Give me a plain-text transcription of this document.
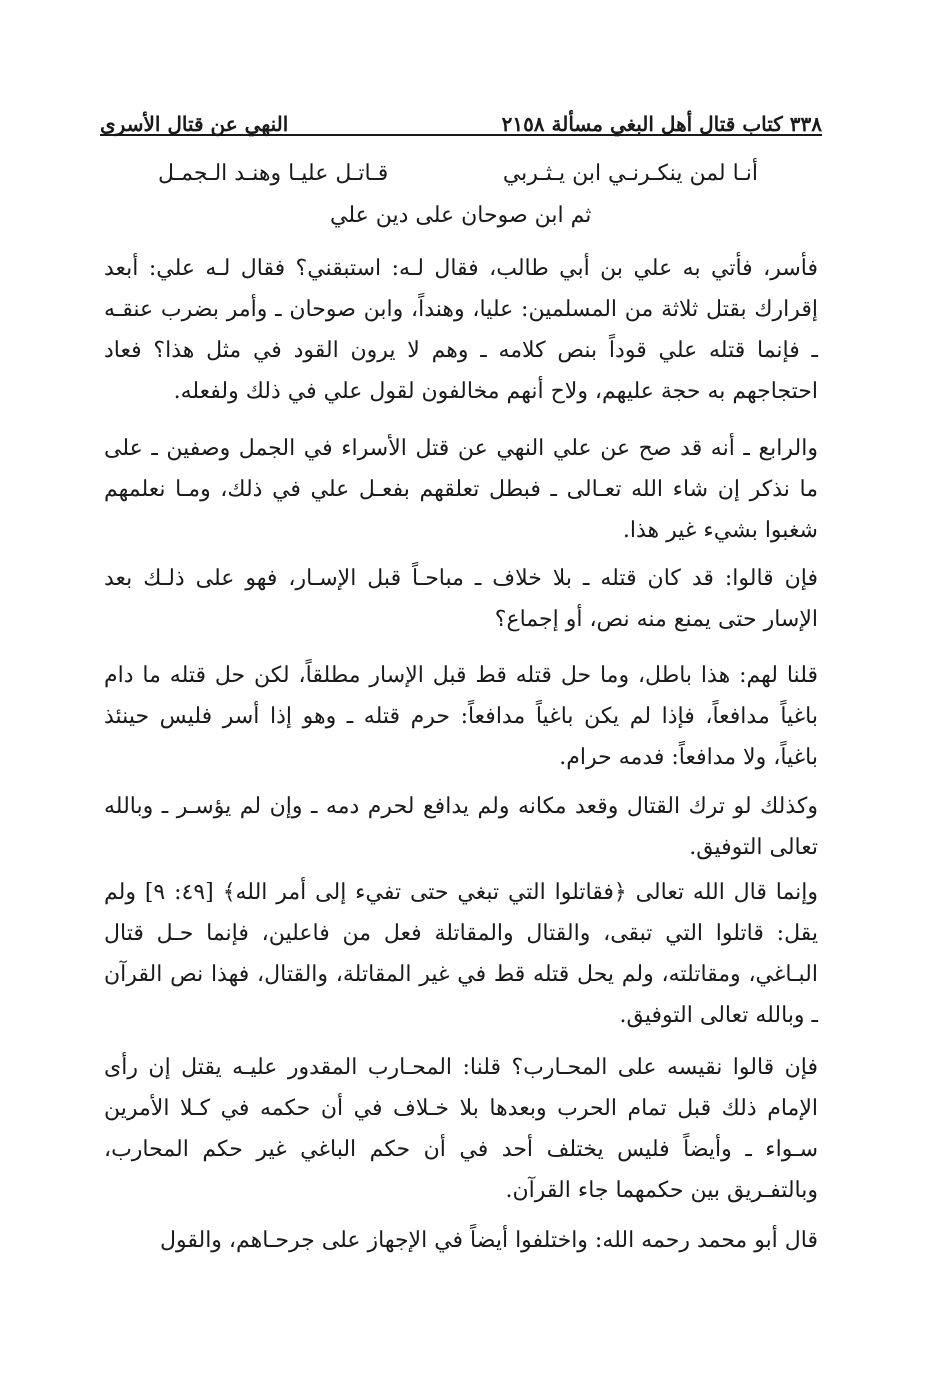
٣٣٨ كتاب قتال أهل البغي مسألة ٢١٥٨
النهي عن قتال الأسرى
أنـا لمن ينكـرنـي ابن يـثـربي
قـاتـل عليـا وهنـد الـجمـل
ثم ابن صوحان على دين علي

فأسر، فأتي به علي بن أبي طالب، فقال لـه: استبقني؟ فقال لـه علي: أبعد إقرارك بقتل ثلاثة من المسلمين: عليا، وهنداً، وابن صوحان ـ وأمر بضرب عنقـه ـ فإنما قتله علي قوداً بنص كلامه ـ وهم لا يرون القود في مثل هذا؟ فعاد احتجاجهم به حجة عليهم، ولاح أنهم مخالفون لقول علي في ذلك ولفعله.

والرابع ـ أنه قد صح عن علي النهي عن قتل الأسراء في الجمل وصفين ـ على ما نذكر إن شاء الله تعـالى ـ فبطل تعلقهم بفعـل علي في ذلك، ومـا نعلمهم شغبوا بشيء غير هذا.

فإن قالوا: قد كان قتله ـ بلا خلاف ـ مباحـاً قبل الإسـار، فهو على ذلـك بعد الإسار حتى يمنع منه نص، أو إجماع؟

قلنا لهم: هذا باطل، وما حل قتله قط قبل الإسار مطلقاً، لكن حل قتله ما دام باغياً مدافعاً، فإذا لم يكن باغياً مدافعاً: حرم قتله ـ وهو إذا أسر فليس حينئذ باغياً، ولا مدافعاً: فدمه حرام.

وكذلك لو ترك القتال وقعد مكانه ولم يدافع لحرم دمه ـ وإن لم يؤسـر ـ وبالله تعالى التوفيق.

وإنما قال الله تعالى ﴿فقاتلوا التي تبغي حتى تفيء إلى أمر الله﴾ [٤٩: ٩] ولم يقل: قاتلوا التي تبقى، والقتال والمقاتلة فعل من فاعلين، فإنما حـل قتال البـاغي، ومقاتلته، ولم يحل قتله قط في غير المقاتلة، والقتال، فهذا نص القرآن ـ وبالله تعالى التوفيق.

فإن قالوا نقيسه على المحـارب؟ قلنا: المحـارب المقدور عليـه يقتل إن رأى الإمام ذلك قبل تمام الحرب وبعدها بلا خـلاف في أن حكمه في كـلا الأمرين سـواء ـ وأيضاً فليس يختلف أحد في أن حكم الباغي غير حكم المحارب، وبالتفـريق بين حكمهما جاء القرآن.

قال أبو محمد رحمه الله: واختلفوا أيضاً في الإجهاز على جرحـاهم، والقول
